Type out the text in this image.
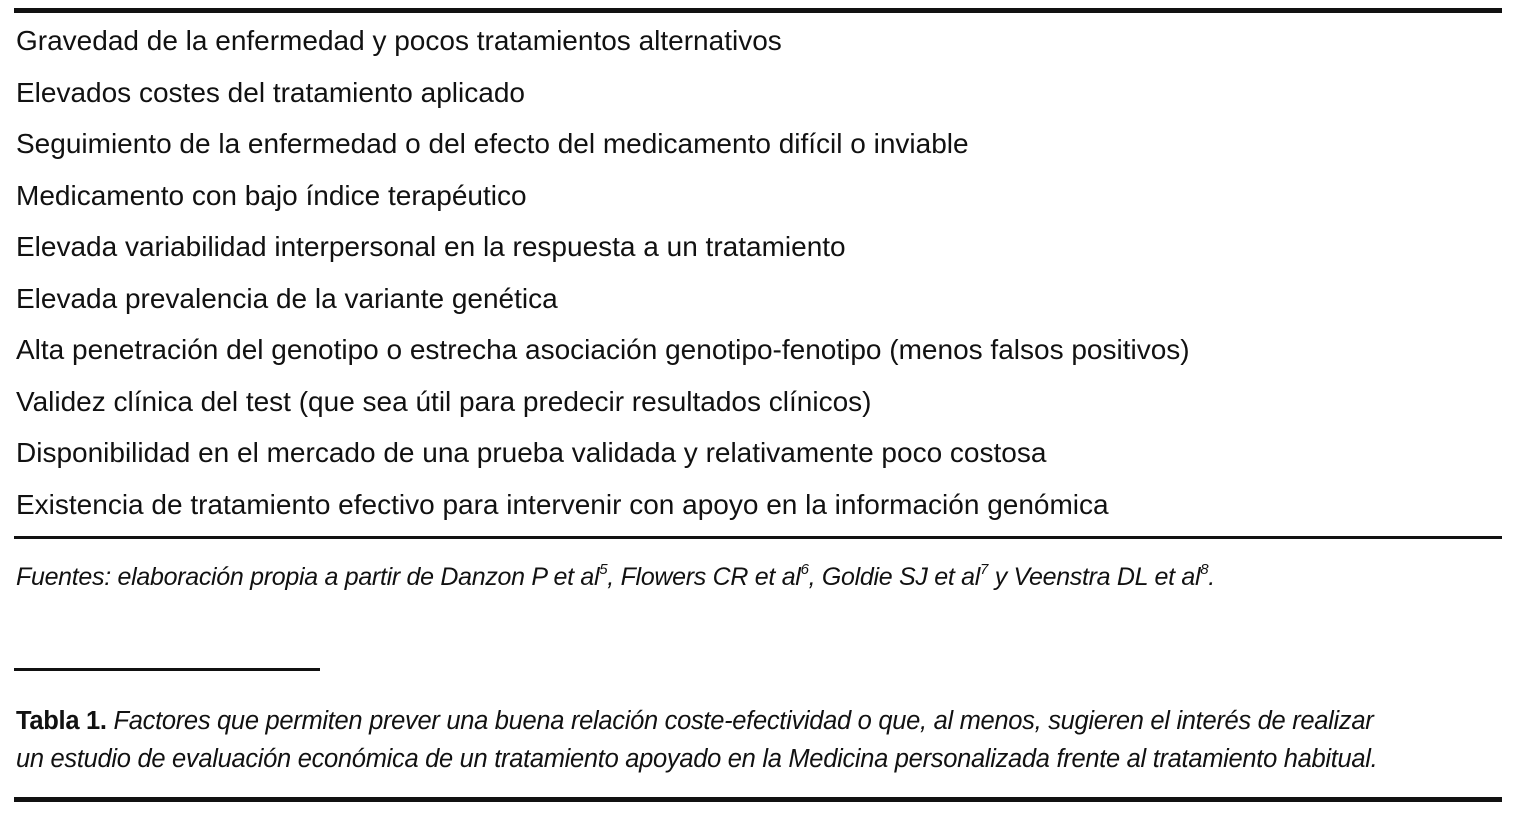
Gravedad de la enfermedad y pocos tratamientos alternativos
Elevados costes del tratamiento aplicado
Seguimiento de la enfermedad o del efecto del medicamento difícil o inviable
Medicamento con bajo índice terapéutico
Elevada variabilidad interpersonal en la respuesta a un tratamiento
Elevada prevalencia de la variante genética
Alta penetración del genotipo o estrecha asociación genotipo-fenotipo (menos falsos positivos)
Validez clínica del test (que sea útil para predecir resultados clínicos)
Disponibilidad en el mercado de una prueba validada y relativamente poco costosa
Existencia de tratamiento efectivo para intervenir con apoyo en la información genómica
Fuentes: elaboración propia a partir de Danzon P et $al^5$, Flowers CR et $al^6$, Goldie SJ et $al^7$ y Veenstra DL et $al^8$.
Tabla 1. Factores que permiten prever una buena relación coste-efectividad o que, al menos, sugieren el interés de realizar
un estudio de evaluación económica de un tratamiento apoyado en la Medicina personalizada frente al tratamiento habitual.
